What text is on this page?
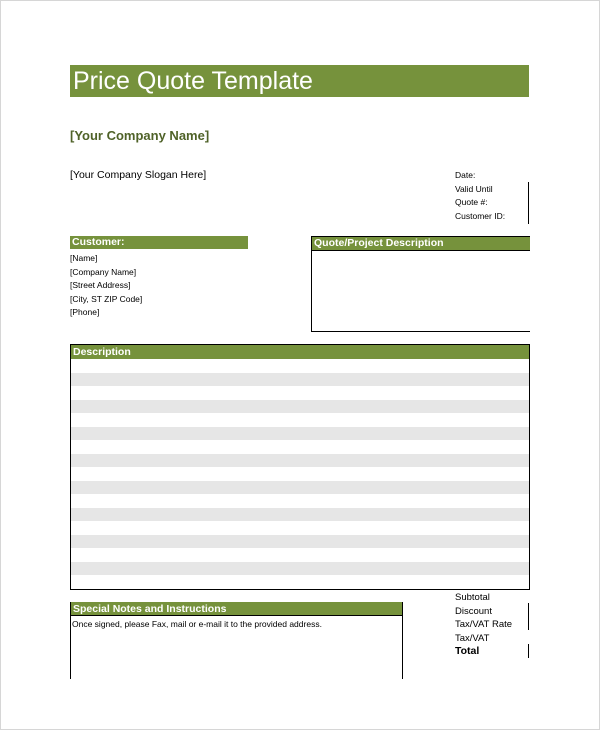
Price Quote Template
[Your Company Name]
[Your Company Slogan Here]	Date:
Valid Until
Quote #:
Customer ID:
Customer:
[Name]
[Company Name]
[Street Address]
[City, ST ZIP Code]
[Phone]
Quote/Project Description
Description
Special Notes and Instructions
Once signed, please Fax, mail or e-mail it to the provided address.
Subtotal
Discount
Tax/VAT Rate
Tax/VAT
Total
